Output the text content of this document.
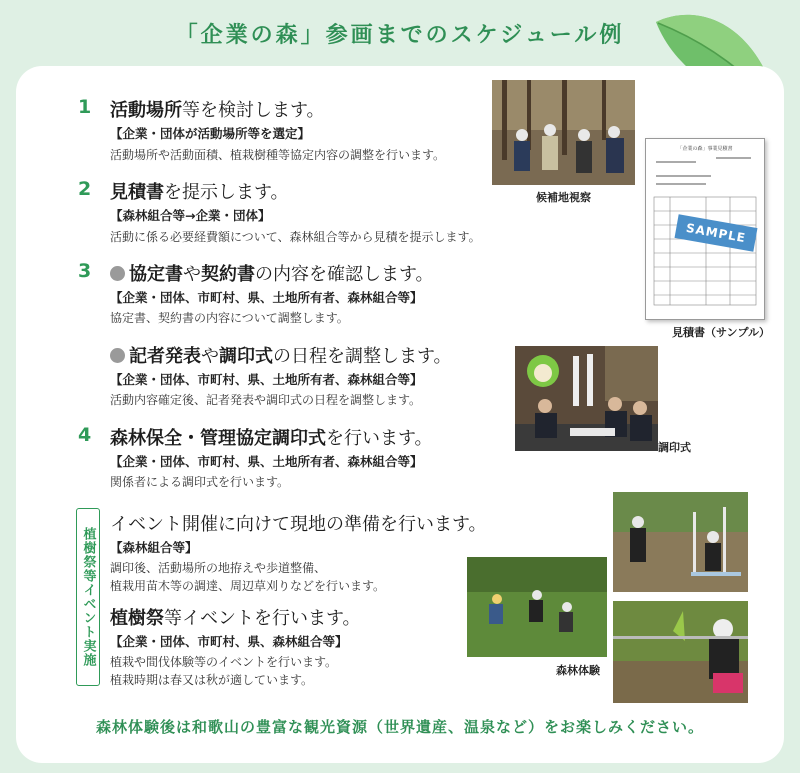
「企業の森」参画までのスケジュール例
1 活動場所等を検討します。
【企業・団体が活動場所等を選定】
活動場所や活動面積、植栽樹種等協定内容の調整を行います。
2 見積書を提示します。
【森林組合等→企業・団体】
活動に係る必要経費額について、森林組合等から見積を提示します。
3	協定書や契約書の内容を確認します。
【企業・団体、市町村、県、土地所有者、森林組合等】
協定書、契約書の内容について調整します。
記者発表や調印式の日程を調整します。
【企業・団体、市町村、県、土地所有者、森林組合等】
活動内容確定後、記者発表や調印式の日程を調整します。
4 森林保全・管理協定調印式を行います。
【企業・団体、市町村、県、土地所有者、森林組合等】
関係者による調印式を行います。
植樹祭等イベント実施
イベント開催に向けて現地の準備を行います。
【森林組合等】
調印後、活動場所の地拵えや歩道整備、
植栽用苗木等の調達、周辺草刈りなどを行います。
植樹祭等イベントを行います。
【企業・団体、市町村、県、森林組合等】
植栽や間伐体験等のイベントを行います。
植栽時期は春又は秋が適しています。
候補地視察
「企業の森」事業見積書
SAMPLE
見積書（サンプル）
調印式
森林体験
森林体験後は和歌山の豊富な観光資源（世界遺産、温泉など）をお楽しみください。
